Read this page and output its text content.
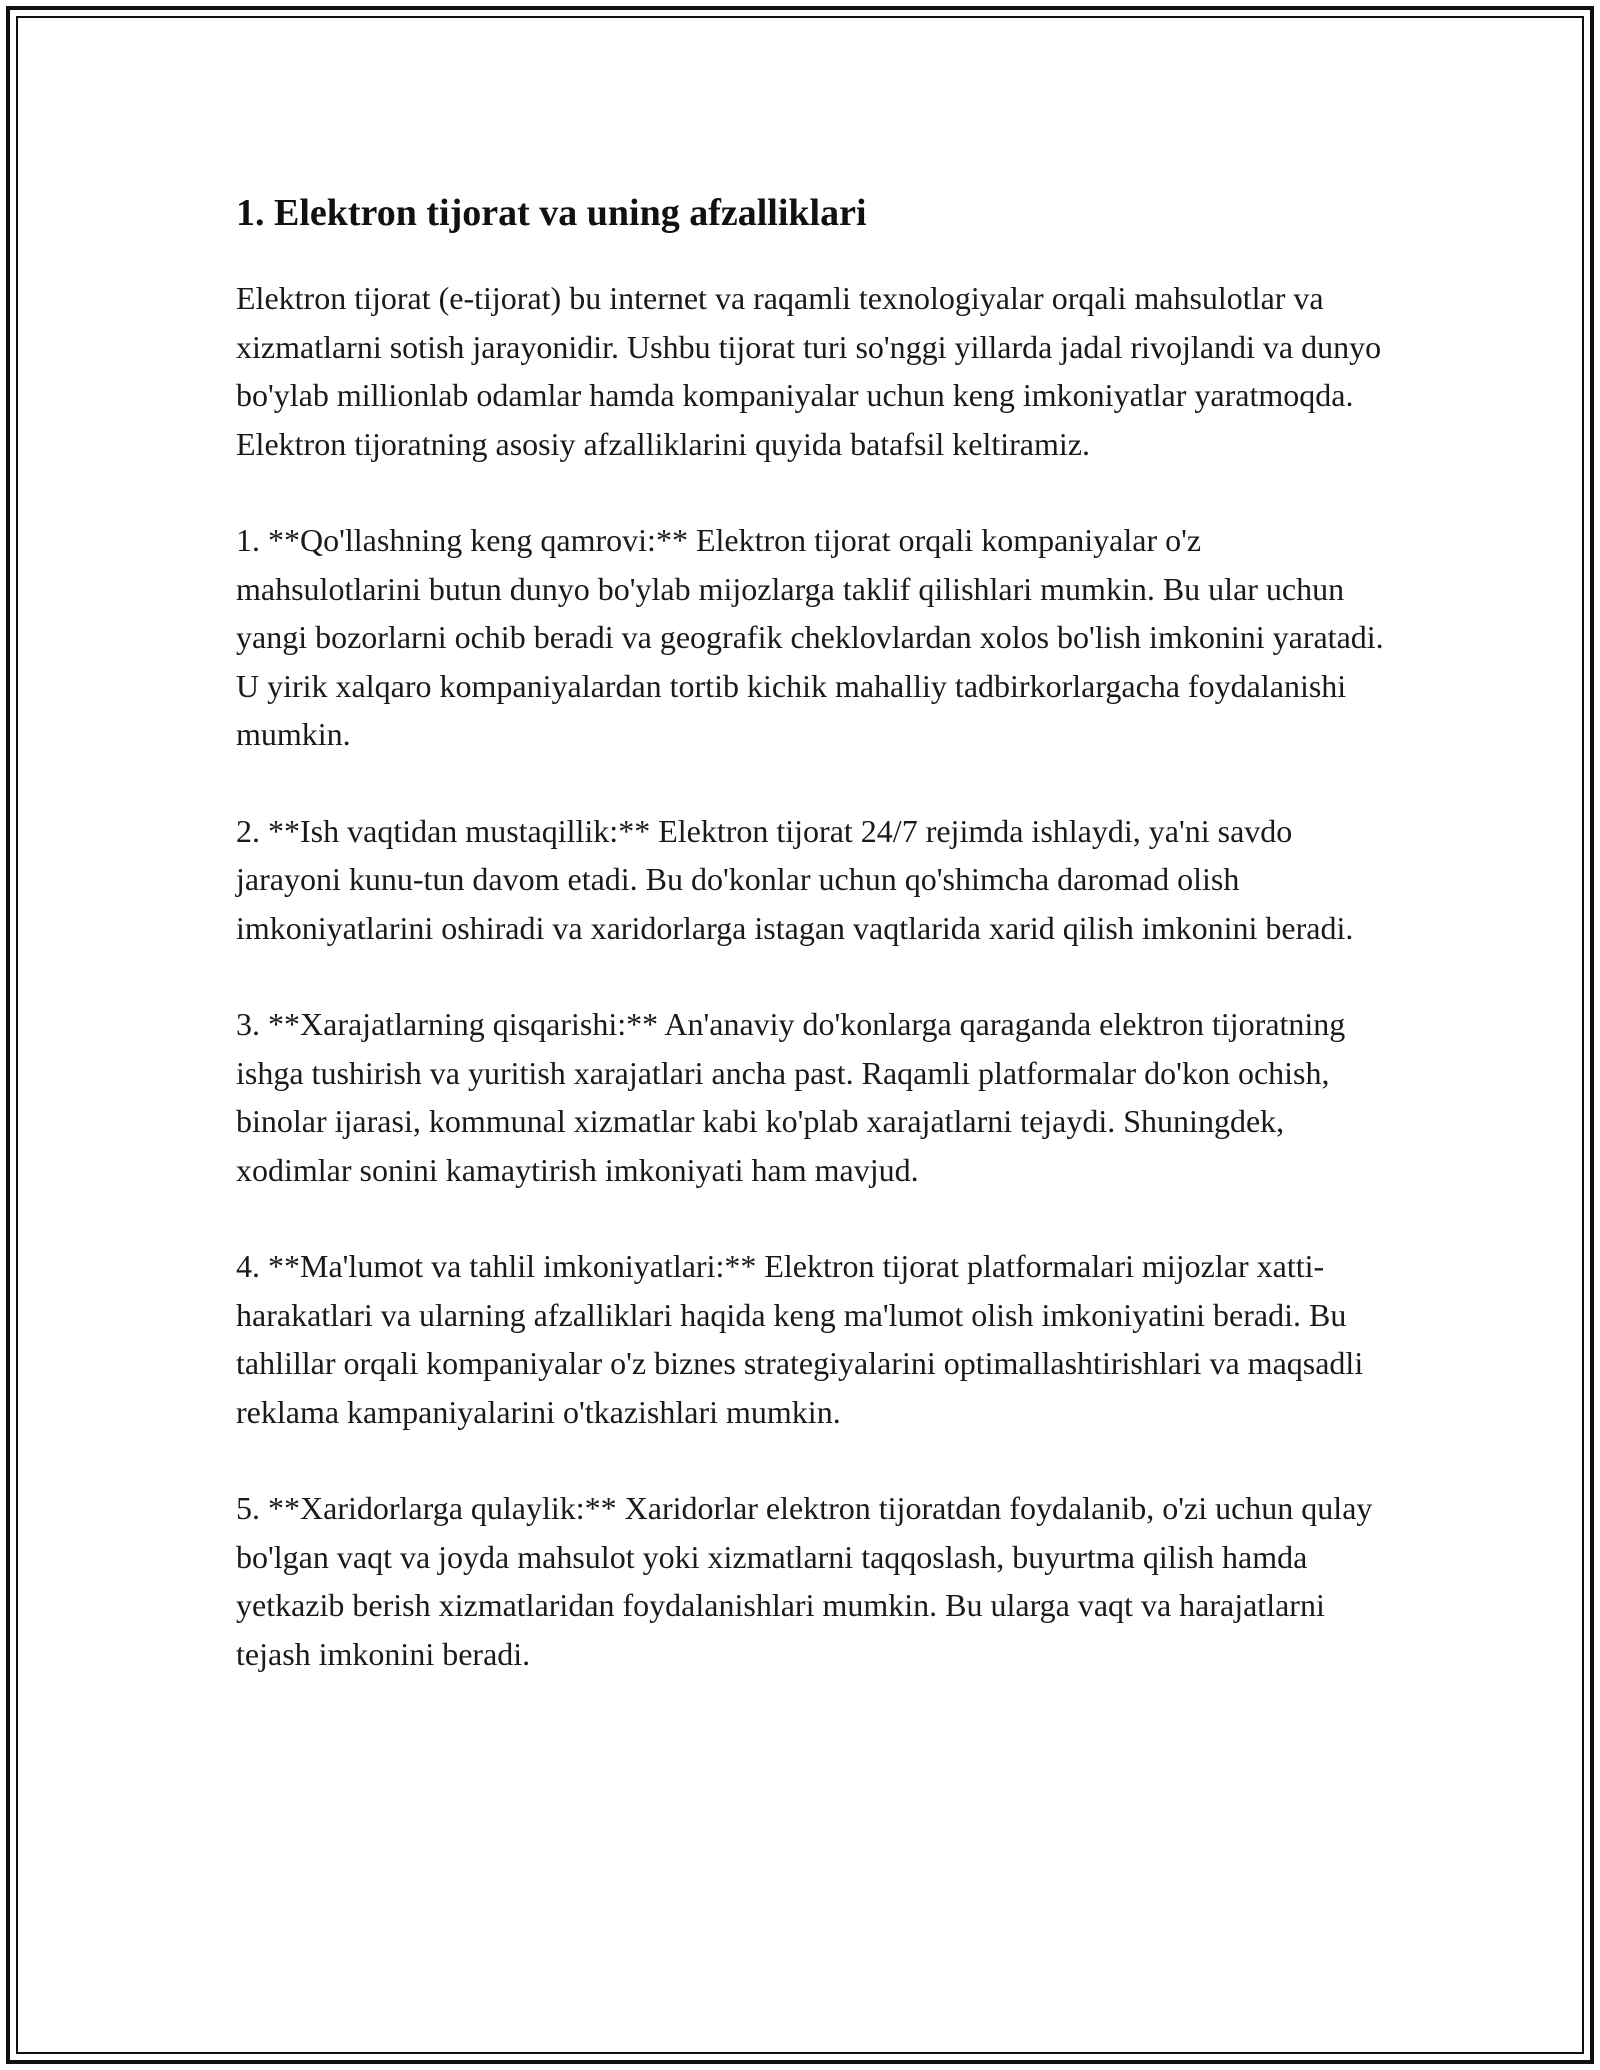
1. Elektron tijorat va uning afzalliklari

Elektron tijorat (e-tijorat) bu internet va raqamli texnologiyalar orqali mahsulotlar va xizmatlarni sotish jarayonidir. Ushbu tijorat turi so'nggi yillarda jadal rivojlandi va dunyo bo'ylab millionlab odamlar hamda kompaniyalar uchun keng imkoniyatlar yaratmoqda. Elektron tijoratning asosiy afzalliklarini quyida batafsil keltiramiz.

1. **Qo'llashning keng qamrovi:** Elektron tijorat orqali kompaniyalar o'z mahsulotlarini butun dunyo bo'ylab mijozlarga taklif qilishlari mumkin. Bu ular uchun yangi bozorlarni ochib beradi va geografik cheklovlardan xolos bo'lish imkonini yaratadi. U yirik xalqaro kompaniyalardan tortib kichik mahalliy tadbirkorlargacha foydalanishi mumkin.

2. **Ish vaqtidan mustaqillik:** Elektron tijorat 24/7 rejimda ishlaydi, ya'ni savdo jarayoni kunu-tun davom etadi. Bu do'konlar uchun qo'shimcha daromad olish imkoniyatlarini oshiradi va xaridorlarga istagan vaqtlarida xarid qilish imkonini beradi.

3. **Xarajatlarning qisqarishi:** An'anaviy do'konlarga qaraganda elektron tijoratning ishga tushirish va yuritish xarajatlari ancha past. Raqamli platformalar do'kon ochish, binolar ijarasi, kommunal xizmatlar kabi ko'plab xarajatlarni tejaydi. Shuningdek, xodimlar sonini kamaytirish imkoniyati ham mavjud.

4. **Ma'lumot va tahlil imkoniyatlari:** Elektron tijorat platformalari mijozlar xatti-harakatlari va ularning afzalliklari haqida keng ma'lumot olish imkoniyatini beradi. Bu tahlillar orqali kompaniyalar o'z biznes strategiyalarini optimallashtirishlari va maqsadli reklama kampaniyalarini o'tkazishlari mumkin.

5. **Xaridorlarga qulaylik:** Xaridorlar elektron tijoratdan foydalanib, o'zi uchun qulay bo'lgan vaqt va joyda mahsulot yoki xizmatlarni taqqoslash, buyurtma qilish hamda yetkazib berish xizmatlaridan foydalanishlari mumkin. Bu ularga vaqt va harajatlarni tejash imkonini beradi.
